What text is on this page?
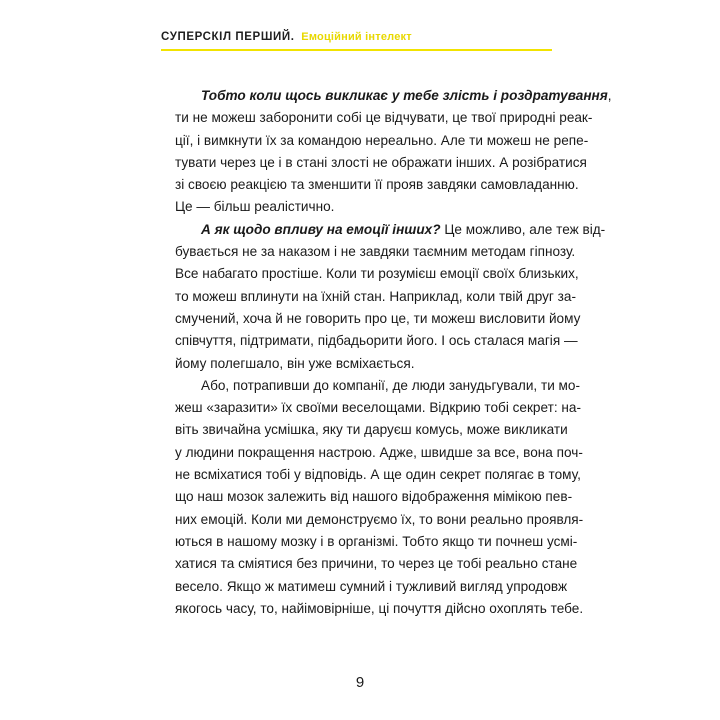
СУПЕРСКІЛ ПЕРШИЙ. Емоційний інтелект
Тобто коли щось викликає у тебе злість і роздратування,
ти не можеш заборонити собі це відчувати, це твої природні реак-
ції, і вимкнути їх за командою нереально. Але ти можеш не репе-
тувати через це і в стані злості не ображати інших. А розібратися
зі своєю реакцією та зменшити її прояв завдяки самовладанню.
Це — більш реалістично.
А як щодо впливу на емоції інших? Це можливо, але теж від-
бувається не за наказом і не завдяки таємним методам гіпнозу.
Все набагато простіше. Коли ти розумієш емоції своїх близьких,
то можеш вплинути на їхній стан. Наприклад, коли твій друг за-
смучений, хоча й не говорить про це, ти можеш висловити йому
співчуття, підтримати, підбадьорити його. І ось сталася магія —
йому полегшало, він уже всміхається.
Або, потрапивши до компанії, де люди занудьгували, ти мо-
жеш «заразити» їх своїми веселощами. Відкрию тобі секрет: на-
віть звичайна усмішка, яку ти даруєш комусь, може викликати
у людини покращення настрою. Адже, швидше за все, вона поч-
не всміхатися тобі у відповідь. А ще один секрет полягає в тому,
що наш мозок залежить від нашого відображення мімікою пев-
них емоцій. Коли ми демонструємо їх, то вони реально проявля-
ються в нашому мозку і в організмі. Тобто якщо ти почнеш усмі-
хатися та сміятися без причини, то через це тобі реально стане
весело. Якщо ж матимеш сумний і тужливий вигляд упродовж
якогось часу, то, найімовірніше, ці почуття дійсно охоплять тебе.
9
